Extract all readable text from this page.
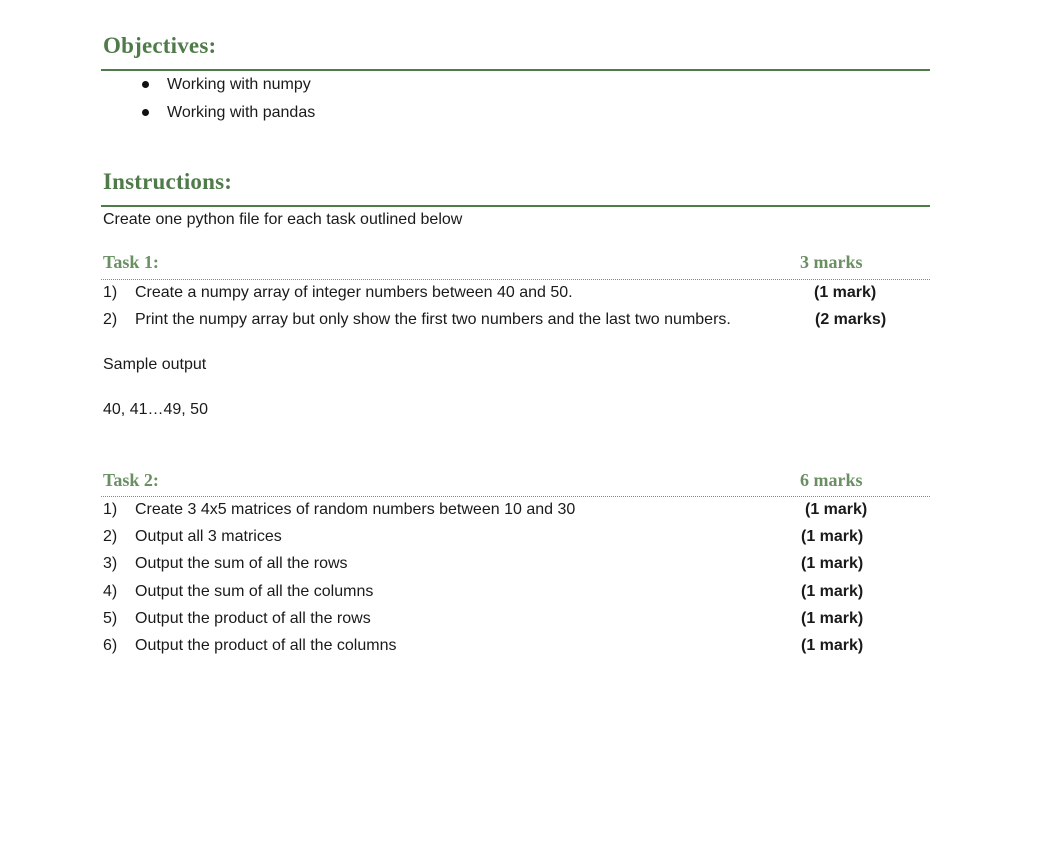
Objectives:
Working with numpy
Working with pandas
Instructions:
Create one python file for each task outlined below
Task 1:	3 marks
1) Create a numpy array of integer numbers between 40 and 50.	(1 mark)
2) Print the numpy array but only show the first two numbers and the last two numbers.	(2 marks)
Sample output
40, 41…49, 50
Task 2:	6 marks
1) Create 3 4x5 matrices of random numbers between 10 and 30	(1 mark)
2) Output all 3 matrices	(1 mark)
3) Output the sum of all the rows	(1 mark)
4) Output the sum of all the columns	(1 mark)
5) Output the product of all the rows	(1 mark)
6) Output the product of all the columns	(1 mark)
